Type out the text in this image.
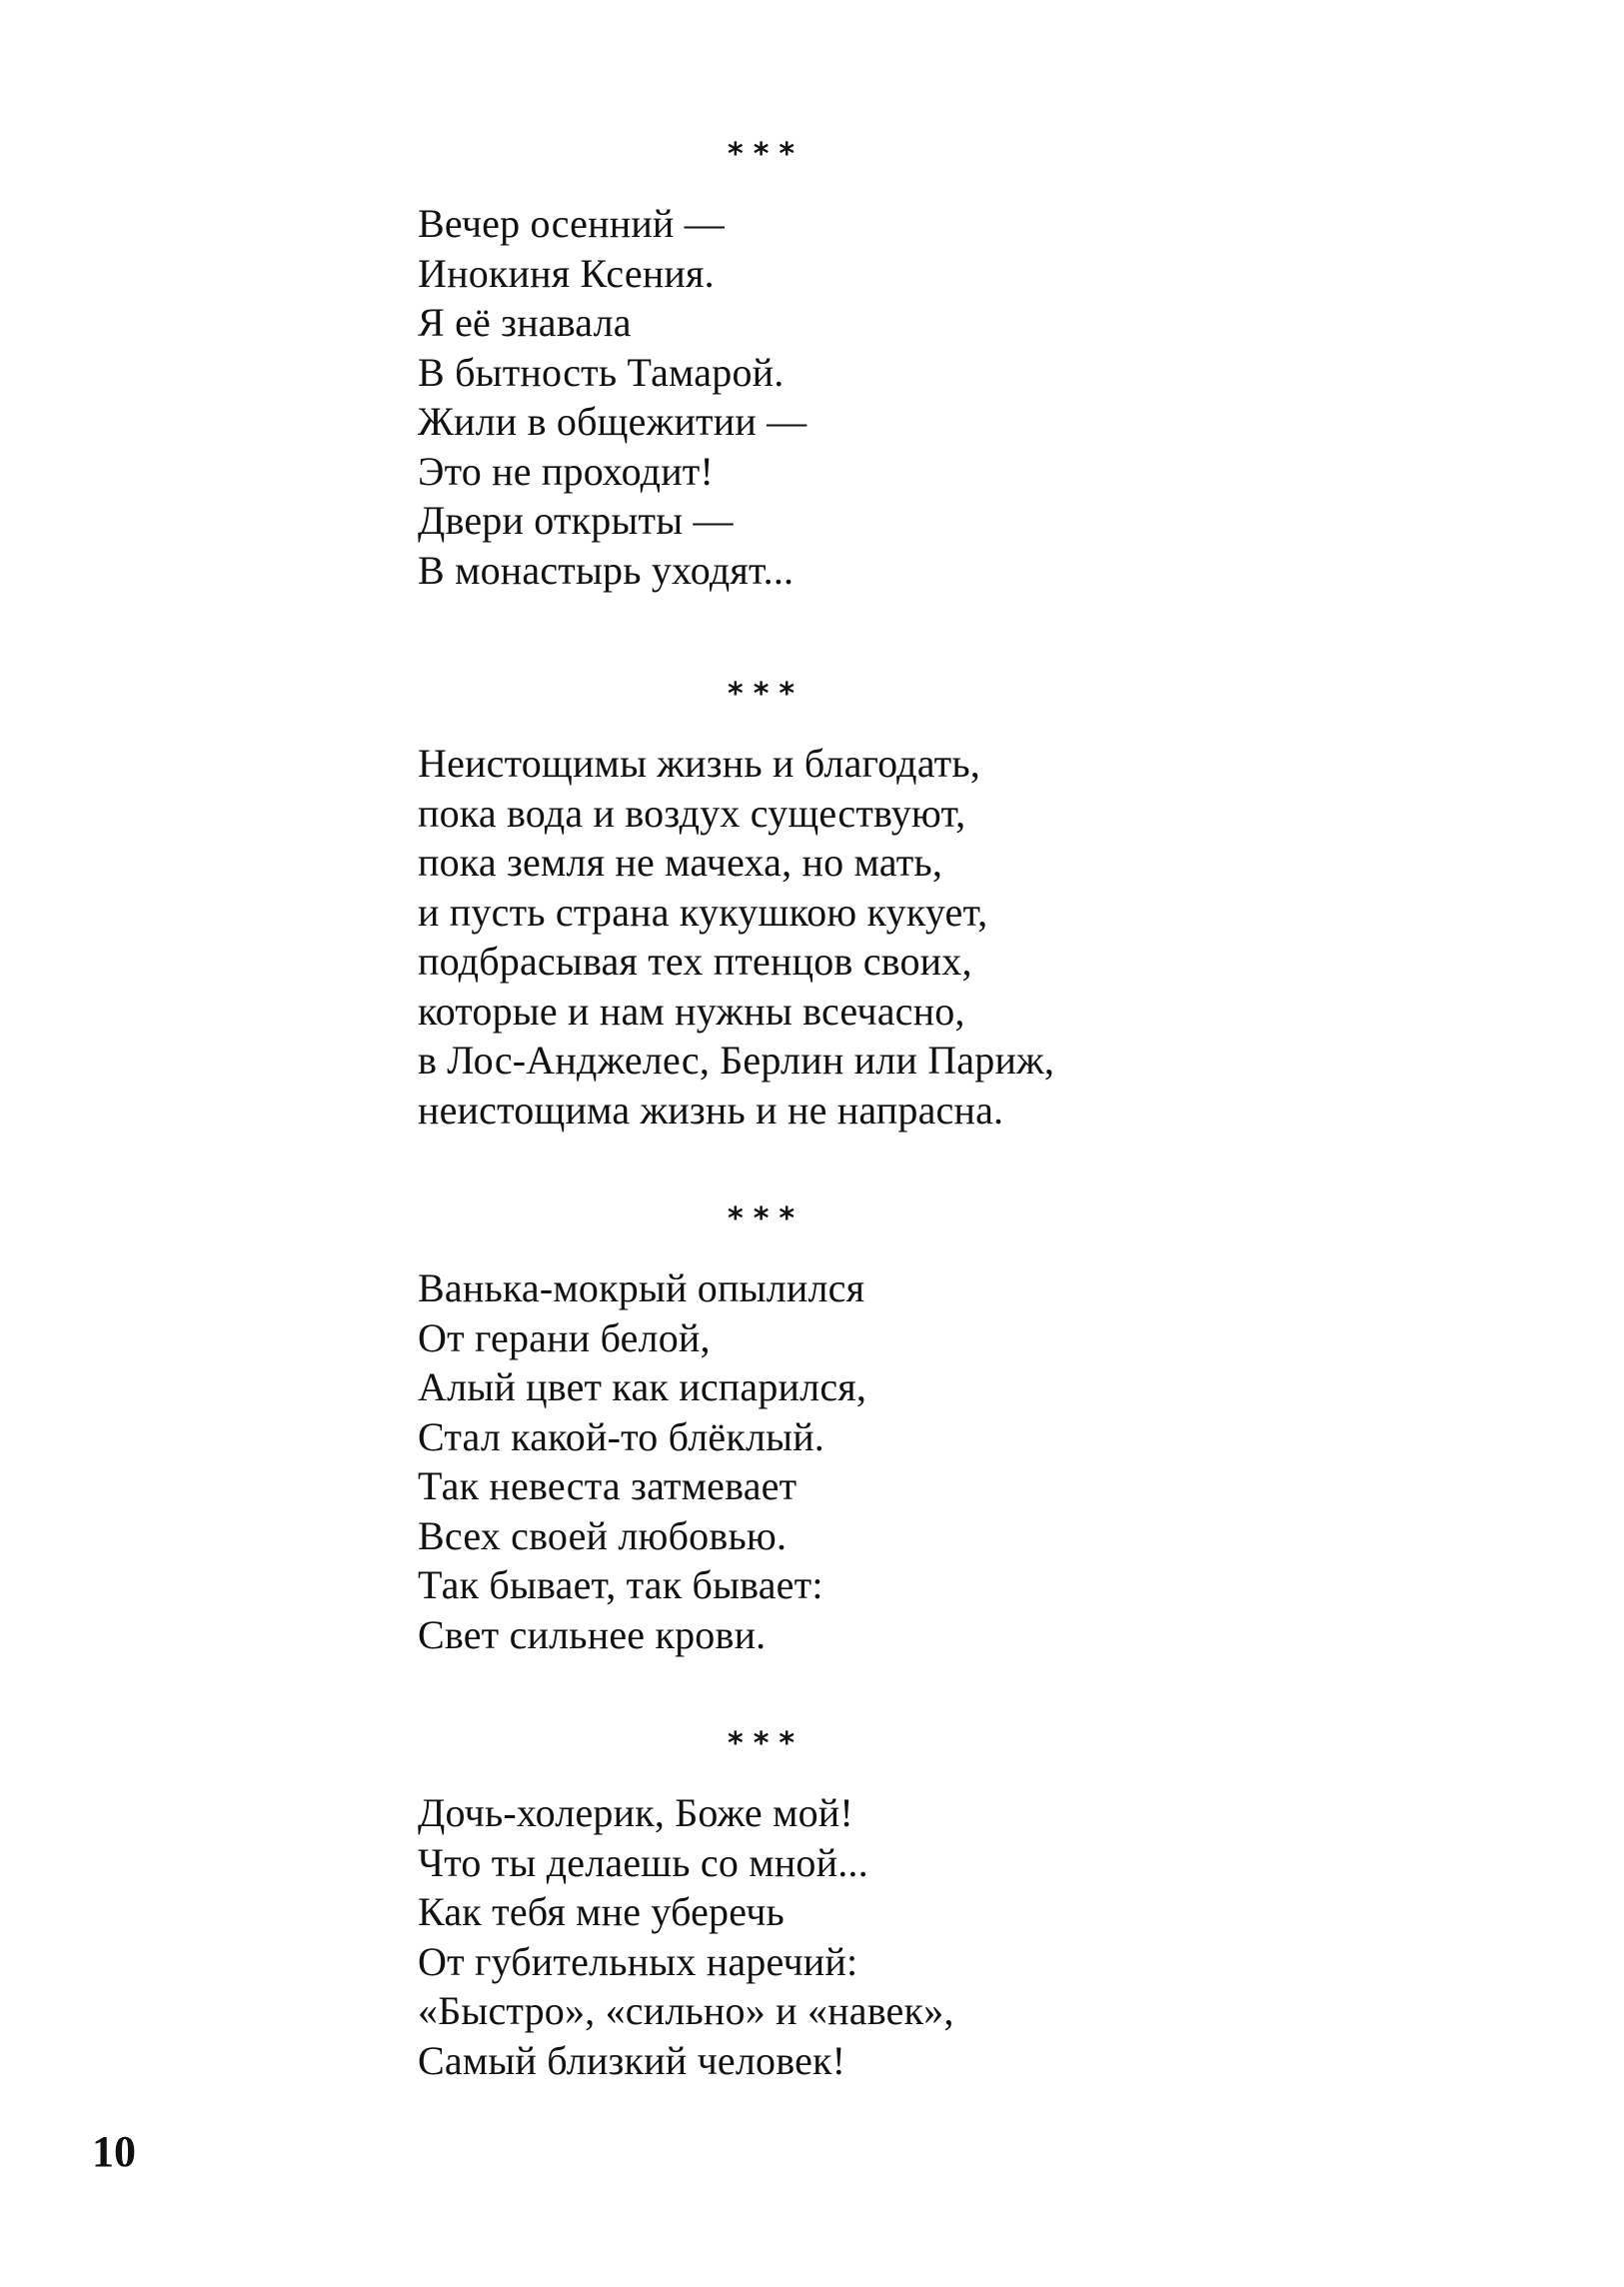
***
Вечер осенний —
Инокиня Ксения.
Я её знавала
В бытность Тамарой.
Жили в общежитии —
Это не проходит!
Двери открыты —
В монастырь уходят...
***
Неистощимы жизнь и благодать,
пока вода и воздух существуют,
пока земля не мачеха, но мать,
и пусть страна кукушкою кукует,
подбрасывая тех птенцов своих,
которые и нам нужны всечасно,
в Лос-Анджелес, Берлин или Париж,
неистощима жизнь и не напрасна.
***
Ванька-мокрый опылился
От герани белой,
Алый цвет как испарился,
Стал какой-то блёклый.
Так невеста затмевает
Всех своей любовью.
Так бывает, так бывает:
Свет сильнее крови.
***
Дочь-холерик, Боже мой!
Что ты делаешь со мной...
Как тебя мне уберечь
От губительных наречий:
«Быстро», «сильно» и «навек»,
Самый близкий человек!
10
